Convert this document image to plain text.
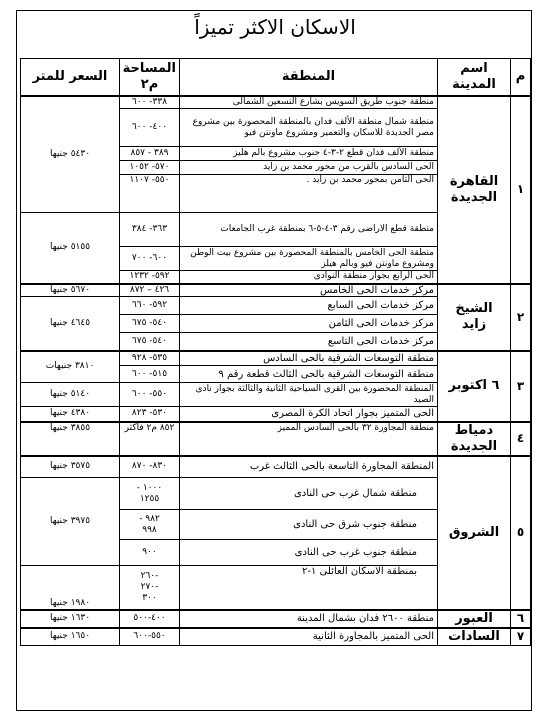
الاسكان الاكثر تميزاً
م	اسم المدينة	المنطقة	المساحة م٢	السعر للمتر
١	القاهرة الجديدة	منطقة جنوب طريق السويس بشارع التسعين الشمالى	٣٣٨- ٦٠٠	٥٤٣٠ جنيها
		منطقة شمال منطقة الألف فدان بالمنطقة المحصورة بين مشروع مصر الجديدة للاسكان والتعمير ومشروع ماونتن فيو	٤٠٠- ٦٠٠	
		منطقة الألف فدان قطع ٢-٣-٤ جنوب مشروع بالم هليز	٣٨٩ - ٨٥٧	
		الحى السادس بالقرب من محور محمد بن زايد	٥٧٠- ١٠٥٢	
		الحى الثامن بمحور محمد بن زايد .	٥٥٠- ١١٠٧	
		منطقة قطع الاراضى رقم ٣-٤-٥-٦ بمنطقة غرب الجامعات	٣٦٣- ٣٨٤	٥١٥٥ جنيها
		منطقة الحى الخامس بالمنطقة المحصورة بين مشروع بيت الوطن ومشروع ماونتن فيو وبالم هيلز	٦٠٠- ٧٠٠	
		الحى الرابع بجوار منطقة النوادى	٥٩٢- ١٢٣٢	
٢	الشيخ زايد	مركز خدمات الحى الخامس	٤٢٦ – ٨٧٢	٥٦٧٠ جنيها
		مركز خدمات الحى السابع	٥٩٢- ٦٦٠	٤٦٤٥ جنيها
		مركز خدمات الحى الثامن	٥٤٠- ٦٧٥	
		مركز خدمات الحى التاسع	٥٤٠- ٦٧٥	
٣	٦ اكتوبر	منطقة التوسعات الشرقية بالحى السادس	٥٣٥- ٩٢٨	٣٨١٠ جنيهات
		منطقة التوسعات الشرقية بالحى الثالث قطعة رقم ٩	٥١٥- ٦٠٠	
		المنطقة المحصورة بين القرى السياحية الثانية والثالثة بجوار نادى الصيد	٥٥٠- ٦٠٠	٥١٤٠ جنيها
		الحى المتميز بجوار اتحاد الكرة المصرى	٥٣٠- ٨٢٣	٤٣٨٠ جنيها
٤	دمياط الجديدة	منطقة المجاورة ٣٢ بالحى السادس المميز	٨٥٢ م٢ فاكثر	٣٨٥٥ جنيها
٥	الشروق	المنطقة المجاورة التاسعة بالحى الثالث غرب	٨٣٠- ٨٧٠	٣٥٧٥ جنيها
		منطقة شمال غرب حى النادى	١٠٠٠ -
١٢٥٥	٣٩٧٥ جنيها
		منطقة جنوب شرق حى النادى	٩٨٢ -
٩٩٨	
		منطقة جنوب غرب حى النادى	٩٠٠	
		بمنطقة الاسكان العائلى ١-٢	-٢٦٠
-٢٧٠
٣٠٠	١٩٨٠ جنيها
٦	العبور	منطقة ٢٦٠٠ فدان بشمال المدينة	٤٠٠-٥٠٠	١٦٣٠ جنيها
٧	السادات	الحى المتميز بالمجاورة الثانية	٥٥٠-٦٠٠	١٦٥٠ جنيها
